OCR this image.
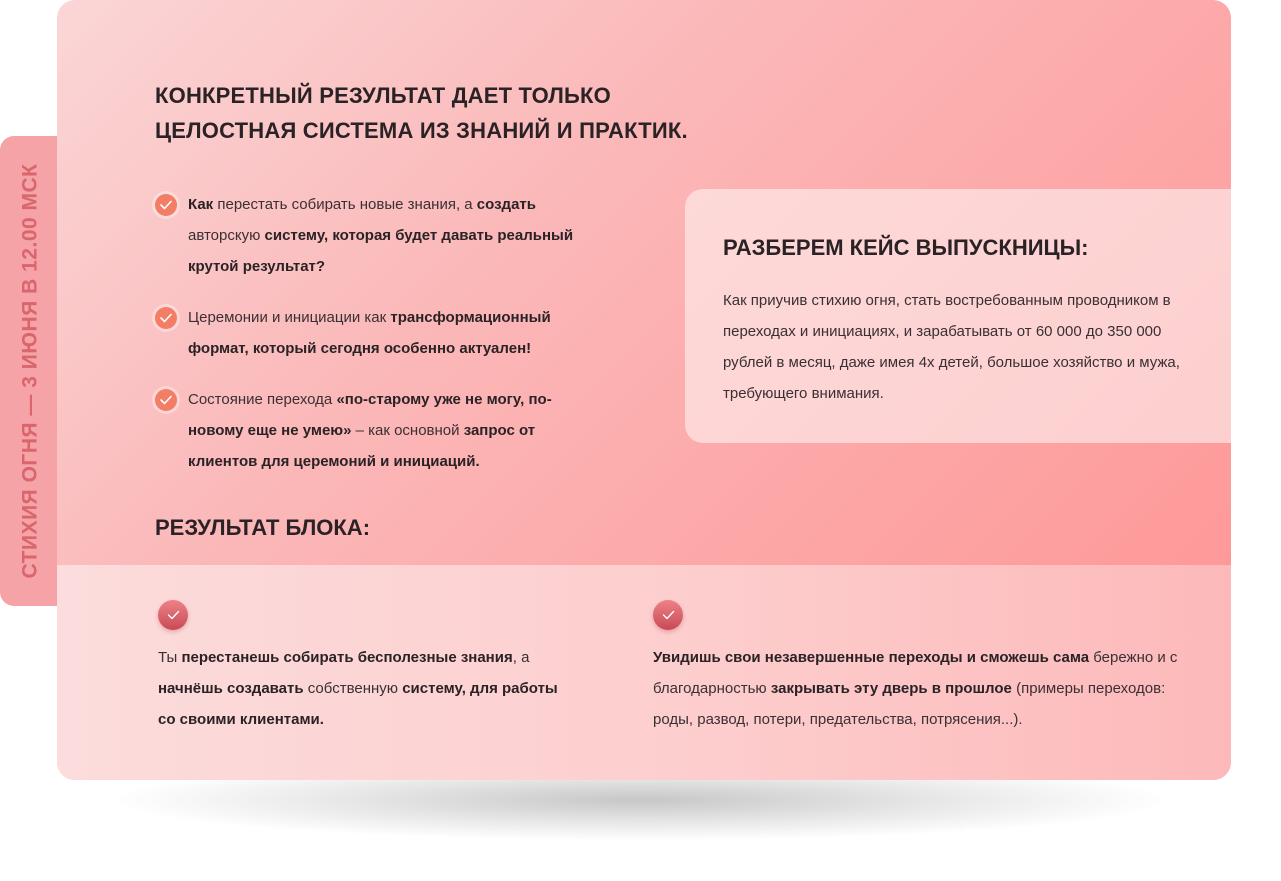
СТИХИЯ ОГНЯ — 3 ИЮНЯ В 12.00 МСК
КОНКРЕТНЫЙ РЕЗУЛЬТАТ ДАЕТ ТОЛЬКО
ЦЕЛОСТНАЯ СИСТЕМА ИЗ ЗНАНИЙ И ПРАКТИК.
Как перестать собирать новые знания, а создать авторскую систему, которая будет давать реальный крутой результат?
Церемонии и инициации как трансформационный формат, который сегодня особенно актуален!
Состояние перехода «по-старому уже не могу, по-новому еще не умею» – как основной запрос от клиентов для церемоний и инициаций.
РАЗБЕРЕМ КЕЙС ВЫПУСКНИЦЫ:

Как приучив стихию огня, стать востребованным проводником в переходах и инициациях, и зарабатывать от 60 000 до 350 000 рублей в месяц, даже имея 4х детей, большое хозяйство и мужа, требующего внимания.

РЕЗУЛЬТАТ БЛОКА:
Ты перестанешь собирать бесполезные знания, а начнёшь создавать собственную систему, для работы со своими клиентами.
Увидишь свои незавершенные переходы и сможешь сама бережно и с благодарностью закрывать эту дверь в прошлое (примеры переходов: роды, развод, потери, предательства, потрясения...).
